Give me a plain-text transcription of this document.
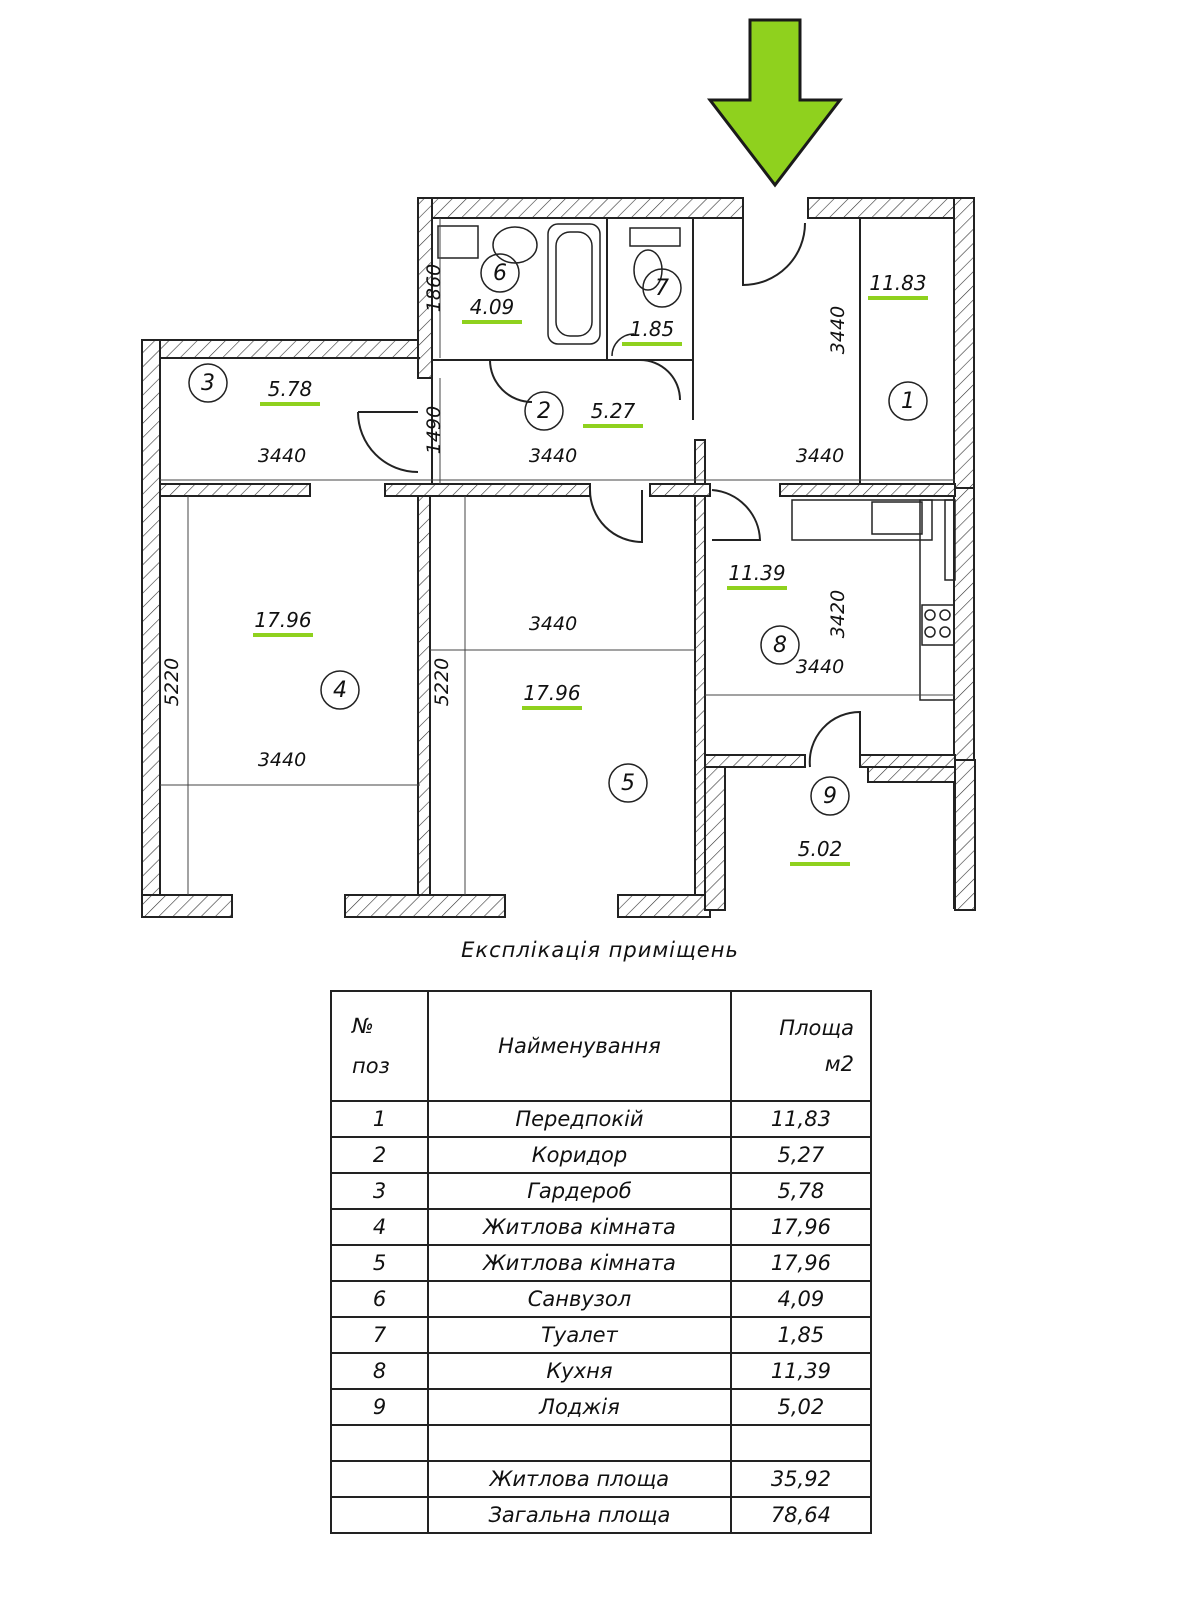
1
11.83
2 5.27
3	5.78
4
17.96
5
17.96
6
4.09
7
1.85
8
11.39
9
5.02
1860
1490
3440	3440	3440
3440
3420
3440
5220
3440
5220
3440
Експлікація приміщень
№
поз	Найменування	Площа
м2
1	Передпокій	11,83
2	Коридор	5,27
3	Гардероб	5,78
4	Житлова кімната	17,96
5	Житлова кімната	17,96
6	Санвузол	4,09
7	Туалет	1,85
8	Кухня	11,39
9	Лоджія	5,02

	Житлова площа	35,92
	Загальна площа	78,64
